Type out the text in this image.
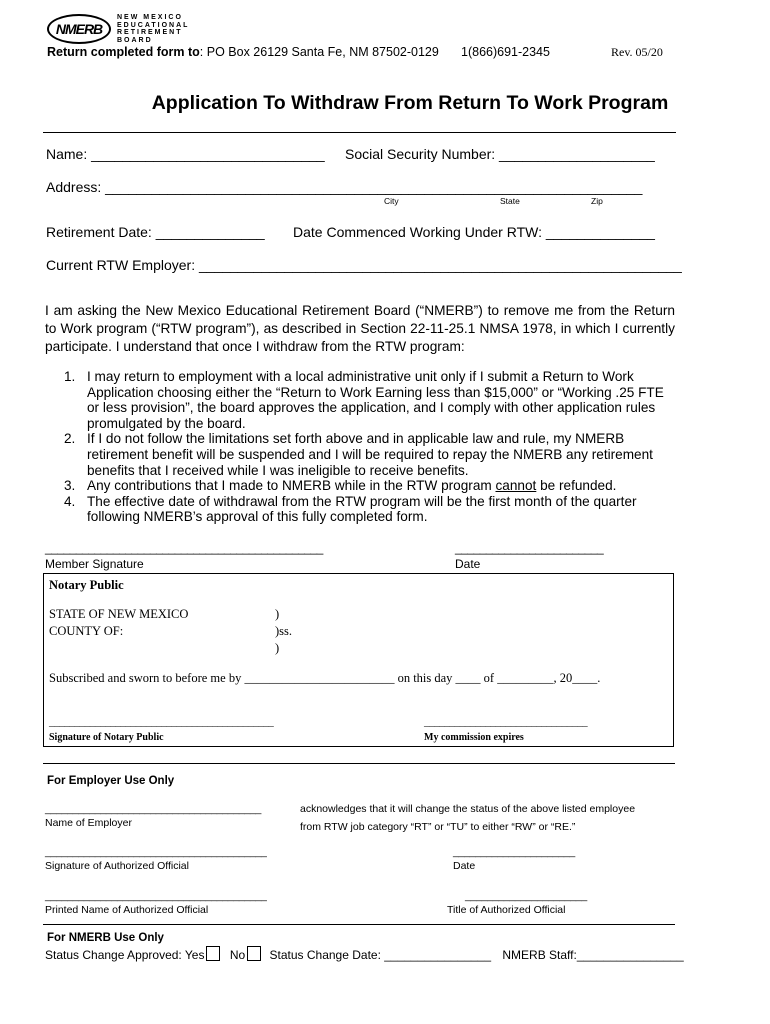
NMERB
NEW MEXICO
EDUCATIONAL
RETIREMENT
BOARD
Return completed form to: PO Box 26129 Santa Fe, NM 87502-0129 1(866)691-2345	Rev. 05/20
Application To Withdraw From Return To Work Program
Name: ______________________________ Social Security Number: ____________________
Address: _____________________________________________________________________
City	State	Zip
Retirement Date: ______________ Date Commenced Working Under RTW: ______________
Current RTW Employer: ______________________________________________________________
I am asking the New Mexico Educational Retirement Board (“NMERB”) to remove me from the Return to Work program (“RTW program”), as described in Section 22-11-25.1 NMSA 1978, in which I currently participate. I understand that once I withdraw from the RTW program:
1. I may return to employment with a local administrative unit only if I submit a Return to Work Application choosing either the “Return to Work Earning less than $15,000” or “Working .25 FTE or less provision”, the board approves the application, and I comply with other application rules promulgated by the board.
2. If I do not follow the limitations set forth above and in applicable law and rule, my NMERB retirement benefit will be suspended and I will be required to repay the NMERB any retirement benefits that I received while I was ineligible to receive benefits.
3. Any contributions that I made to NMERB while in the RTW program cannot be refunded.
4. The effective date of withdrawal from the RTW program will be the first month of the quarter following NMERB’s approval of this fully completed form.
_____________________________________________
Member Signature
________________________
Date
Notary Public
STATE OF NEW MEXICO
COUNTY OF:
)
)ss.
)
Subscribed and sworn to before me by ________________________ on this day ____ of _________, 20____.
____________________________________________
Signature of Notary Public
________________________________
My commission expires
For Employer Use Only
_______________________________________	acknowledges that it will change the status of the above listed employee
Name of Employer	from RTW job category “RT” or “TU” to either “RW” or “RE.”
________________________________________
Signature of Authorized Official
______________________
Date
________________________________________
Printed Name of Authorized Official
______________________
Title of Authorized Official
For NMERB Use Only
Status Change Approved: Yes No Status Change Date: ________________ NMERB Staff:________________
